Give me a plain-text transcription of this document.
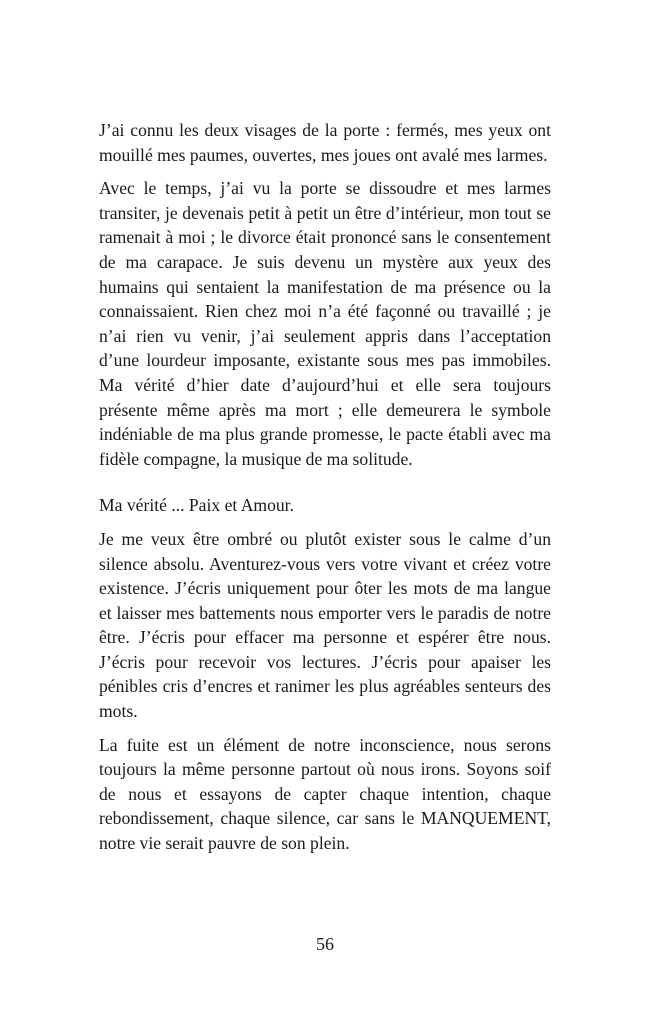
J’ai connu les deux visages de la porte : fermés, mes yeux ont mouillé mes paumes, ouvertes, mes joues ont avalé mes larmes.

Avec le temps, j’ai vu la porte se dissoudre et mes larmes transiter, je devenais petit à petit un être d’intérieur, mon tout se ramenait à moi ; le divorce était prononcé sans le consentement de ma carapace. Je suis devenu un mystère aux yeux des humains qui sentaient la manifestation de ma présence ou la connaissaient. Rien chez moi n’a été façonné ou travaillé ; je n’ai rien vu venir, j’ai seulement appris dans l’acceptation d’une lourdeur imposante, existante sous mes pas immobiles. Ma vérité d’hier date d’aujourd’hui et elle sera toujours présente même après ma mort ; elle demeurera le symbole indéniable de ma plus grande promesse, le pacte établi avec ma fidèle compagne, la musique de ma solitude.

Ma vérité ... Paix et Amour.

Je me veux être ombré ou plutôt exister sous le calme d’un silence absolu. Aventurez-vous vers votre vivant et créez votre existence. J’écris uniquement pour ôter les mots de ma langue et laisser mes battements nous emporter vers le paradis de notre être. J’écris pour effacer ma personne et espérer être nous. J’écris pour recevoir vos lectures. J’écris pour apaiser les pénibles cris d’encres et ranimer les plus agréables senteurs des mots.

La fuite est un élément de notre inconscience, nous serons toujours la même personne partout où nous irons. Soyons soif de nous et essayons de capter chaque intention, chaque rebondissement, chaque silence, car sans le MANQUEMENT, notre vie serait pauvre de son plein.

56
